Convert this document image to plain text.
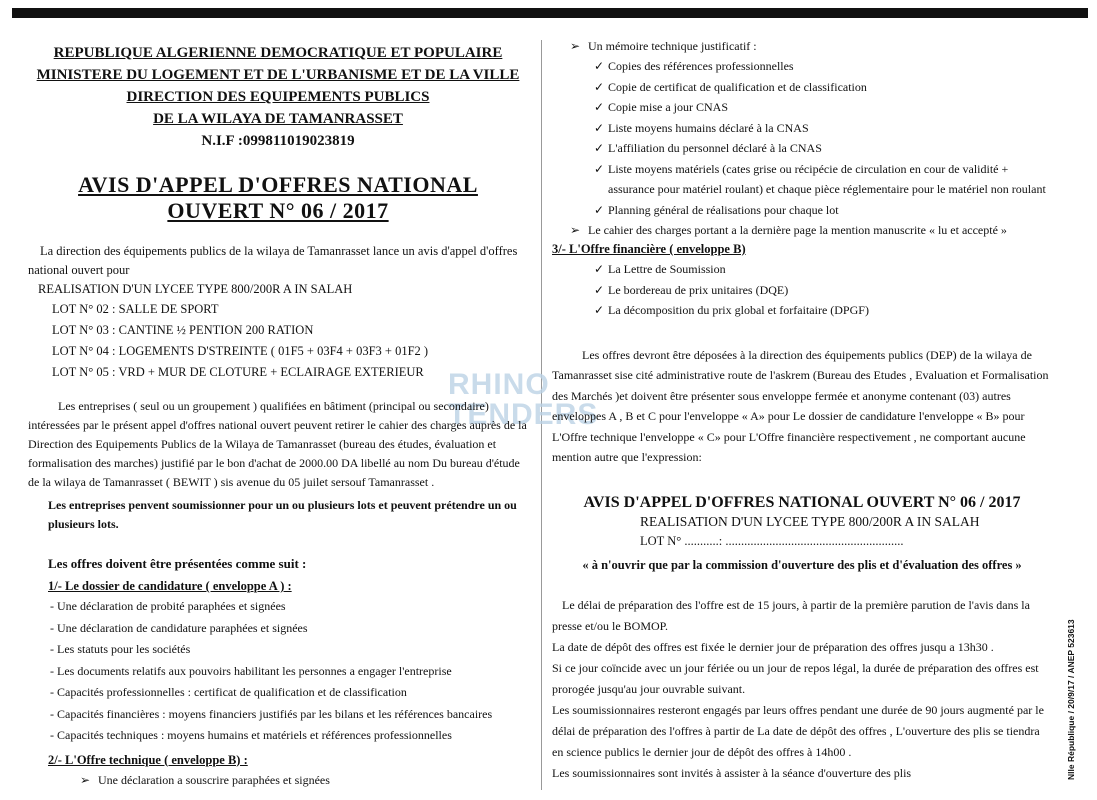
RHINO
TENDERS

REPUBLIQUE ALGERIENNE DEMOCRATIQUE ET POPULAIRE

MINISTERE DU LOGEMENT ET DE L'URBANISME ET DE LA VILLE

DIRECTION DES EQUIPEMENTS PUBLICS

DE LA WILAYA DE TAMANRASSET

N.I.F :099811019023819

AVIS D'APPEL D'OFFRES NATIONAL OUVERT N° 06 / 2017

La direction des équipements publics de la wilaya de Tamanrasset lance un avis d'appel d'offres national ouvert pour

REALISATION D'UN LYCEE TYPE 800/200R A IN SALAH

LOT N° 02 : SALLE DE SPORT
LOT N° 03 : CANTINE ½ PENTION 200 RATION
LOT N° 04 : LOGEMENTS D'STREINTE ( 01F5 + 03F4 + 03F3 + 01F2 )
LOT N° 05 : VRD + MUR DE CLOTURE + ECLAIRAGE EXTERIEUR

Les entreprises ( seul ou un groupement ) qualifiées en bâtiment (principal ou secondaire) intéressées par le présent appel d'offres national ouvert peuvent retirer le cahier des charges auprès de la Direction des Equipements Publics de la Wilaya de Tamanrasset (bureau des études, évaluation et formalisation des marches) justifié par le bon d'achat de 2000.00 DA libellé au nom Du bureau d'étude de la wilaya de Tamanrasset ( BEWIT ) sis avenue du 05 juilet sersouf Tamanrasset .

Les entreprises penvent soumissionner pour un ou plusieurs lots et peuvent prétendre un ou plusieurs lots.

Les offres doivent être présentées comme suit :

1/- Le dossier de candidature ( enveloppe A ) :

- Une déclaration de probité paraphées et signées
- Une déclaration de candidature paraphées et signées
- Les statuts pour les sociétés
- Les documents relatifs aux pouvoirs habilitant les personnes a engager l'entreprise
- Capacités professionnelles : certificat de qualification et de classification
- Capacités financières : moyens financiers justifiés par les bilans et les références bancaires
- Capacités techniques : moyens humains et matériels et références professionnelles

2/- L'Offre technique ( enveloppe B) :

➢ Une déclaration a souscrire paraphées et signées
➢ Un mémoire technique justificatif :
✓ Copies des références professionnelles
✓ Copie de certificat de qualification et de classification
✓ Copie mise a jour CNAS
✓ Liste moyens humains déclaré à la CNAS
✓ L'affiliation du personnel déclaré à la CNAS
✓ Liste moyens matériels (cates grise ou récipécie de circulation en cour de validité + assurance pour matériel roulant) et chaque pièce réglementaire pour le matériel non roulant
✓ Planning général de réalisations pour chaque lot
➢ Le cahier des charges portant a la dernière page la mention manuscrite « lu et accepté »

3/- L'Offre financière ( enveloppe B)

✓ La Lettre de Soumission
✓ Le bordereau de prix unitaires (DQE)
✓ La décomposition du prix global et forfaitaire (DPGF)

Les offres devront être déposées à la direction des équipements publics (DEP) de la wilaya de Tamanrasset sise cité administrative route de l'askrem (Bureau des Etudes , Evaluation et Formalisation des Marchés )et doivent être présenter sous enveloppe fermée et anonyme contenant (03) autres enveloppes A , B et C pour l'enveloppe « A» pour Le dossier de candidature l'enveloppe « B» pour L'Offre technique l'enveloppe « C» pour L'Offre financière respectivement , ne comportant aucune mention autre que l'expression:

AVIS D'APPEL D'OFFRES NATIONAL OUVERT N° 06 / 2017
REALISATION D'UN LYCEE TYPE 800/200R A IN SALAH
LOT N° ...........: .........................................................
« à n'ouvrir que par la commission d'ouverture des plis et d'évaluation des offres »

Le délai de préparation des l'offre est de 15 jours, à partir de la première parution de l'avis dans la presse et/ou le BOMOP.

La date de dépôt des offres est fixée le dernier jour de préparation des offres jusqu a 13h30 .

Si ce jour coïncide avec un jour fériée ou un jour de repos légal, la durée de préparation des offres est prorogée jusqu'au jour ouvrable suivant.

Les soumissionnaires resteront engagés par leurs offres pendant une durée de 90 jours augmenté par le délai de préparation des l'offres à partir de La date de dépôt des offres , L'ouverture des plis se tiendra en science publics le dernier jour de dépôt des offres à 14h00 .

Les soumissionnaires sont invités à assister à la séance d'ouverture des plis	Nlle République / 20/9/17 / ANEP 523613
